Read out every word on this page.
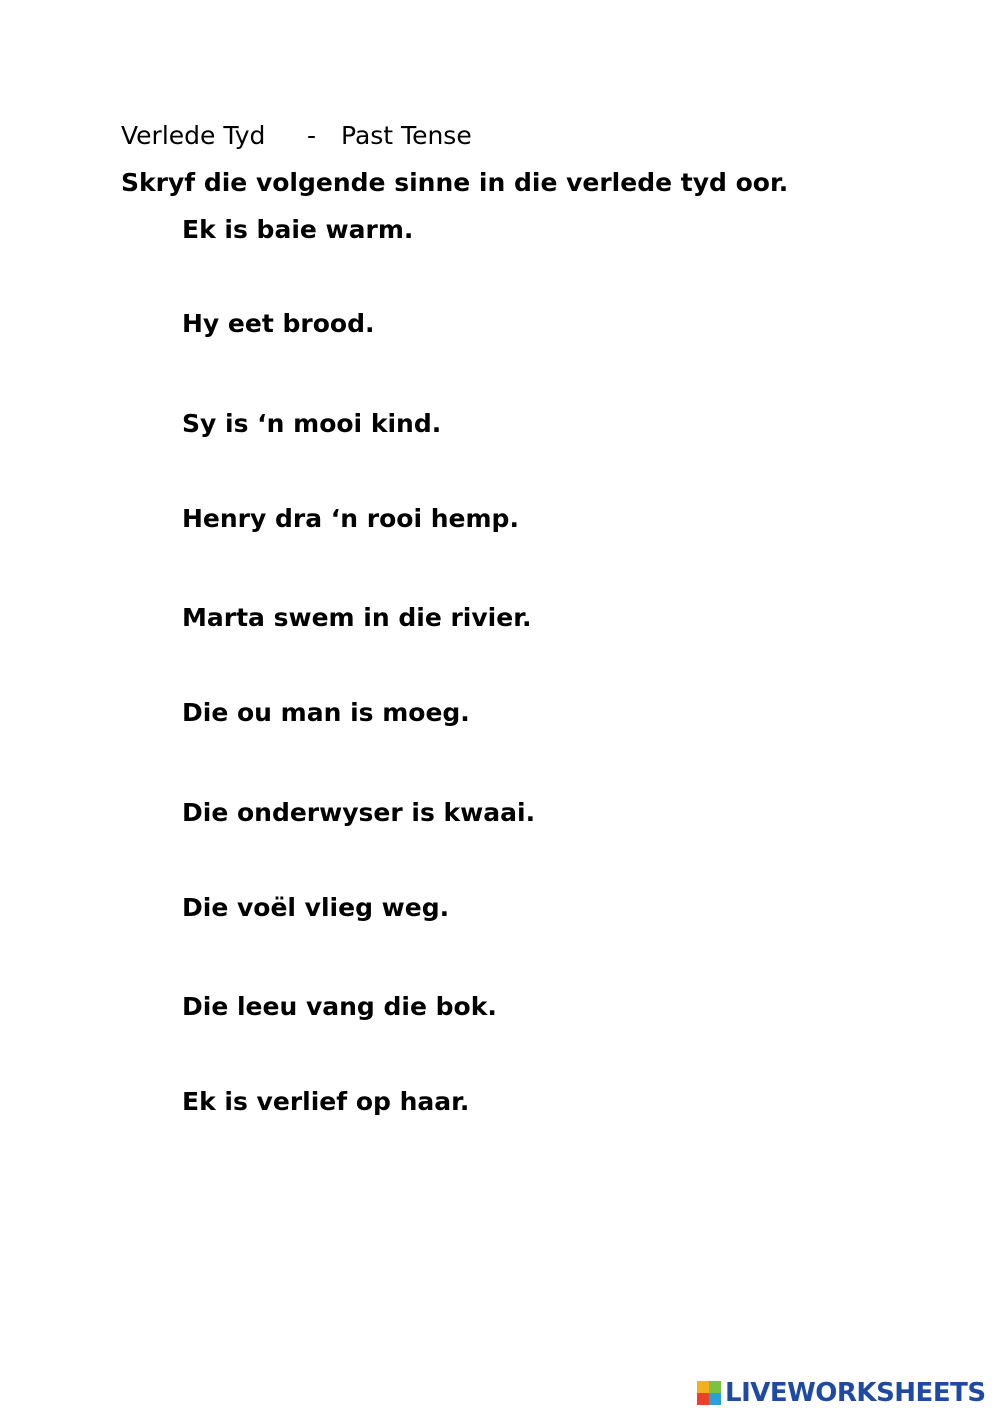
Verlede Tyd - Past Tense
Skryf die volgende sinne in die verlede tyd oor.
Ek is baie warm.
Hy eet brood.
Sy is ‘n mooi kind.
Henry dra ‘n rooi hemp.
Marta swem in die rivier.
Die ou man is moeg.
Die onderwyser is kwaai.
Die voël vlieg weg.
Die leeu vang die bok.
Ek is verlief op haar.
LIVEWORKSHEETS
